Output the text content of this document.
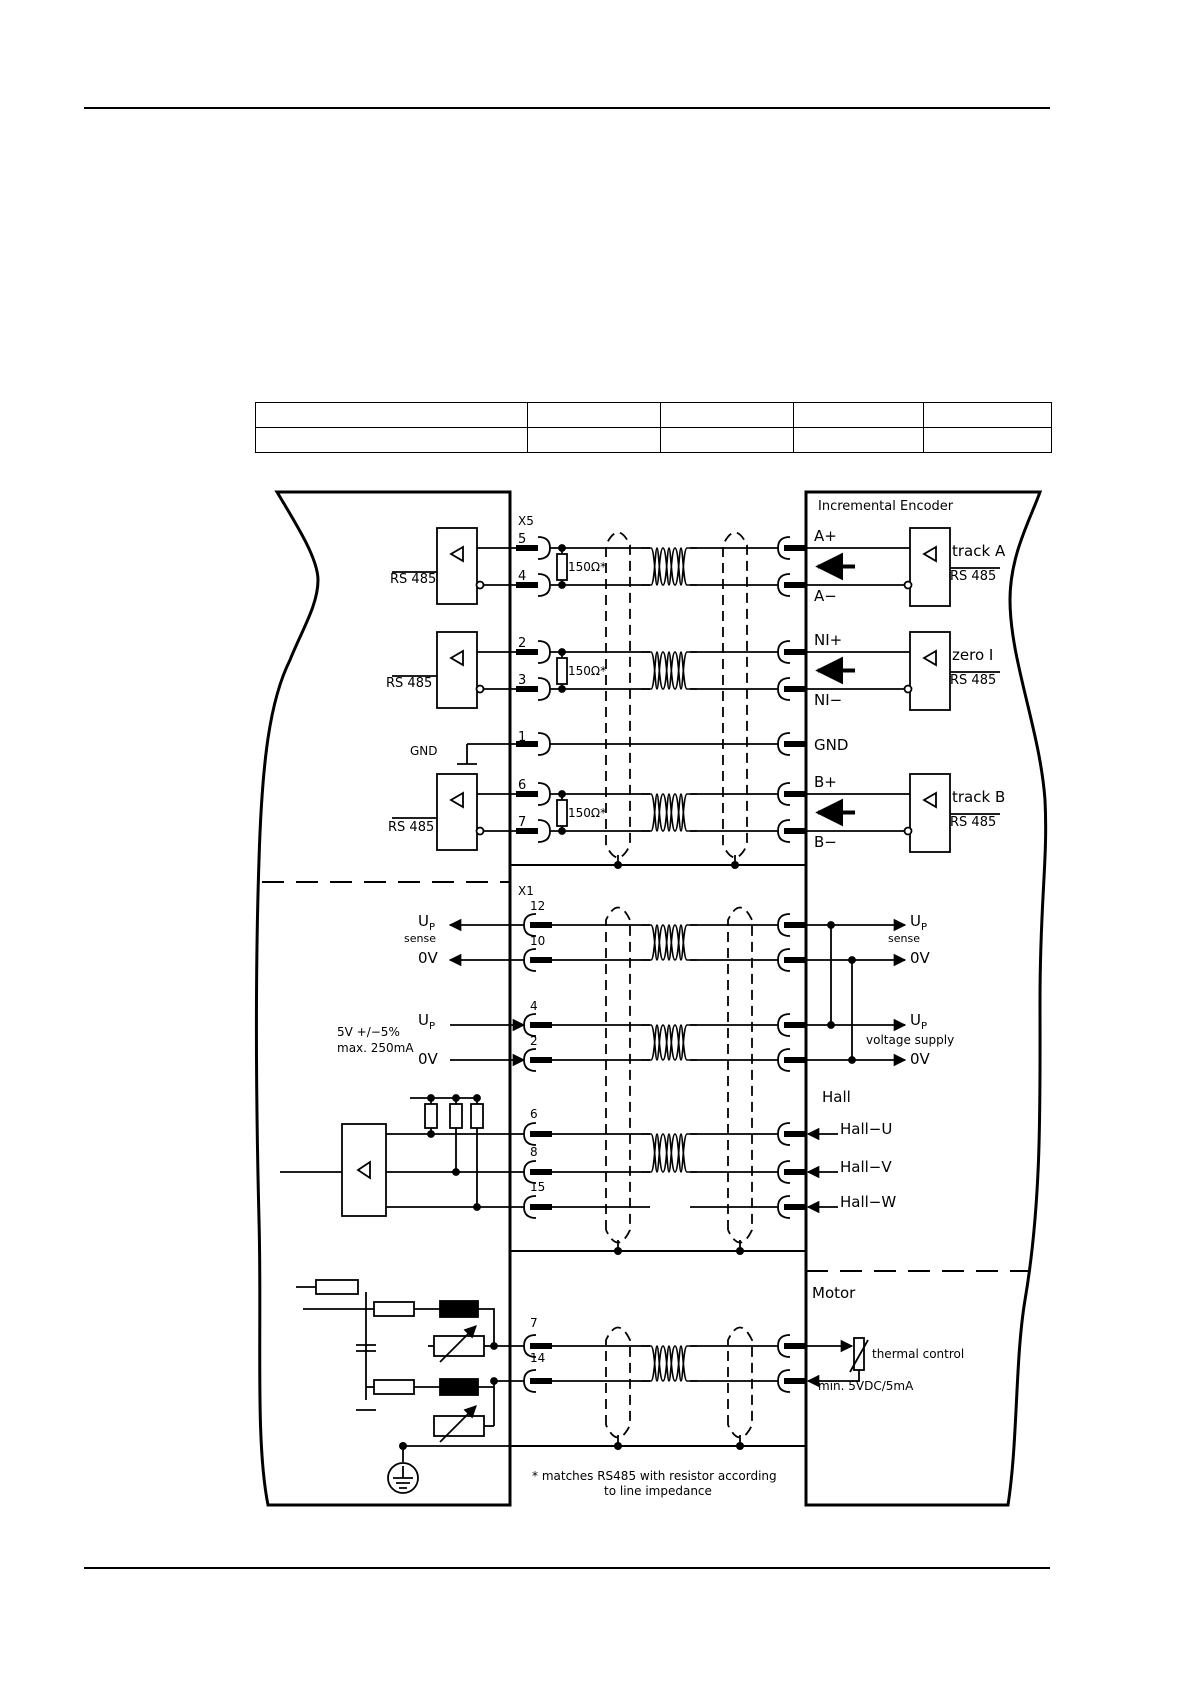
X5
X1
Incremental Encoder
RS 485
RS 485
RS 485
RS 485
RS 485
RS 485
150Ω*
150Ω*
150Ω*
GND	GND
1
5
4
A+
A−
track A
2
3
NI+
NI−
zero I
6
7
B+
B−
track B
$U_P$
sense
0V
$U_P$
0V
5V +/−5%
max. 250mA
12
10
4
2
$U_P$
sense
0V
$U_P$
voltage supply
0V
Hall
6
8
15
Hall−U
Hall−V
Hall−W
Motor
7
14	thermal control
min. 5VDC/5mA
* matches RS485 with resistor according
to line impedance
